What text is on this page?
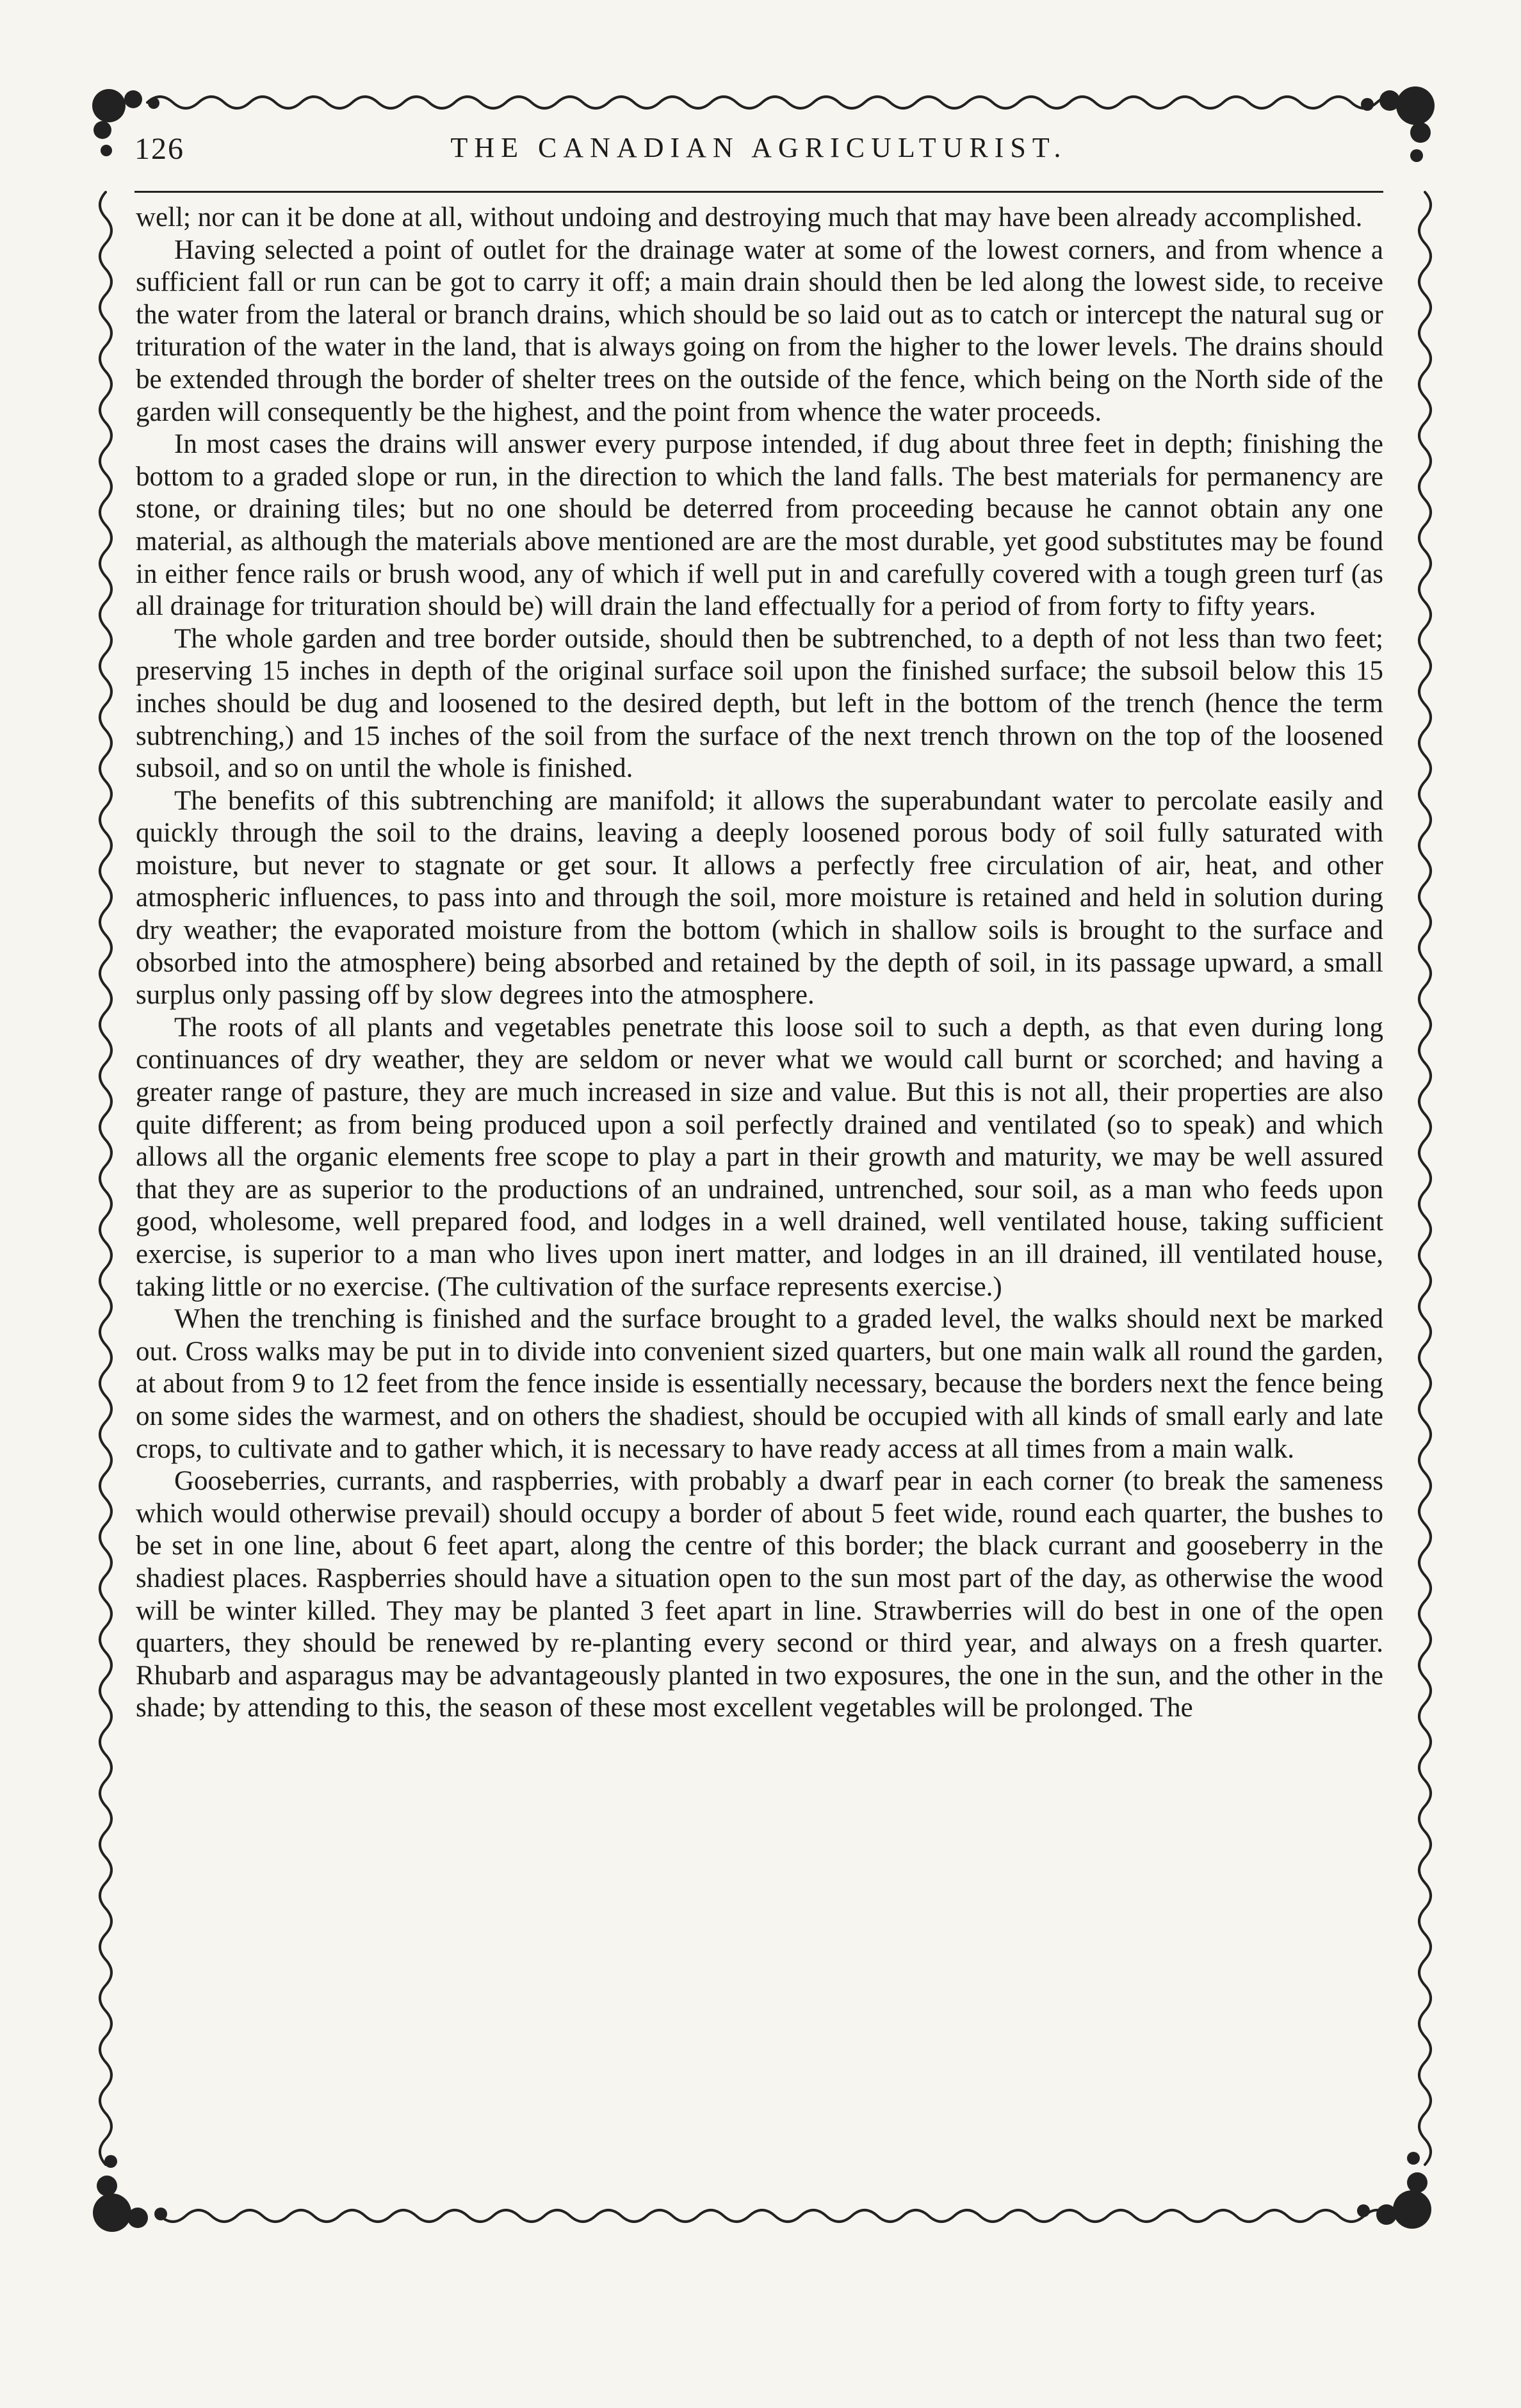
126	THE CANADIAN AGRICULTURIST.

well; nor can it be done at all, without undoing and destroying much that may have been already accomplished.

Having selected a point of outlet for the drainage water at some of the lowest corners, and from whence a sufficient fall or run can be got to carry it off; a main drain should then be led along the lowest side, to receive the water from the lateral or branch drains, which should be so laid out as to catch or intercept the natural sug or trituration of the water in the land, that is always going on from the higher to the lower levels. The drains should be extended through the border of shelter trees on the outside of the fence, which being on the North side of the garden will consequently be the highest, and the point from whence the water proceeds.

In most cases the drains will answer every purpose intended, if dug about three feet in depth; finishing the bottom to a graded slope or run, in the direction to which the land falls. The best materials for permanency are stone, or draining tiles; but no one should be deterred from proceeding because he cannot obtain any one material, as although the materials above mentioned are are the most durable, yet good substitutes may be found in either fence rails or brush wood, any of which if well put in and carefully covered with a tough green turf (as all drainage for trituration should be) will drain the land effectually for a period of from forty to fifty years.

The whole garden and tree border outside, should then be subtrenched, to a depth of not less than two feet; preserving 15 inches in depth of the original surface soil upon the finished surface; the subsoil below this 15 inches should be dug and loosened to the desired depth, but left in the bottom of the trench (hence the term subtrenching,) and 15 inches of the soil from the surface of the next trench thrown on the top of the loosened subsoil, and so on until the whole is finished.

The benefits of this subtrenching are manifold; it allows the superabundant water to percolate easily and quickly through the soil to the drains, leaving a deeply loosened porous body of soil fully saturated with moisture, but never to stagnate or get sour. It allows a perfectly free circulation of air, heat, and other atmospheric influences, to pass into and through the soil, more moisture is retained and held in solution during dry weather; the evaporated moisture from the bottom (which in shallow soils is brought to the surface and obsorbed into the atmosphere) being absorbed and retained by the depth of soil, in its passage upward, a small surplus only passing off by slow degrees into the atmosphere.

The roots of all plants and vegetables penetrate this loose soil to such a depth, as that even during long continuances of dry weather, they are seldom or never what we would call burnt or scorched; and having a greater range of pasture, they are much increased in size and value. But this is not all, their properties are also quite different; as from being produced upon a soil perfectly drained and ventilated (so to speak) and which allows all the organic elements free scope to play a part in their growth and maturity, we may be well assured that they are as superior to the productions of an undrained, untrenched, sour soil, as a man who feeds upon good, wholesome, well prepared food, and lodges in a well drained, well ventilated house, taking sufficient exercise, is superior to a man who lives upon inert matter, and lodges in an ill drained, ill ventilated house, taking little or no exercise. (The cultivation of the surface represents exercise.)

When the trenching is finished and the surface brought to a graded level, the walks should next be marked out. Cross walks may be put in to divide into convenient sized quarters, but one main walk all round the garden, at about from 9 to 12 feet from the fence inside is essentially necessary, because the borders next the fence being on some sides the warmest, and on others the shadiest, should be occupied with all kinds of small early and late crops, to cultivate and to gather which, it is necessary to have ready access at all times from a main walk.

Gooseberries, currants, and raspberries, with probably a dwarf pear in each corner (to break the sameness which would otherwise prevail) should occupy a border of about 5 feet wide, round each quarter, the bushes to be set in one line, about 6 feet apart, along the centre of this border; the black currant and gooseberry in the shadiest places. Raspberries should have a situation open to the sun most part of the day, as otherwise the wood will be winter killed. They may be planted 3 feet apart in line. Strawberries will do best in one of the open quarters, they should be renewed by re-planting every second or third year, and always on a fresh quarter. Rhubarb and asparagus may be advantageously planted in two exposures, the one in the sun, and the other in the shade; by attending to this, the season of these most excellent vegetables will be prolonged. The
